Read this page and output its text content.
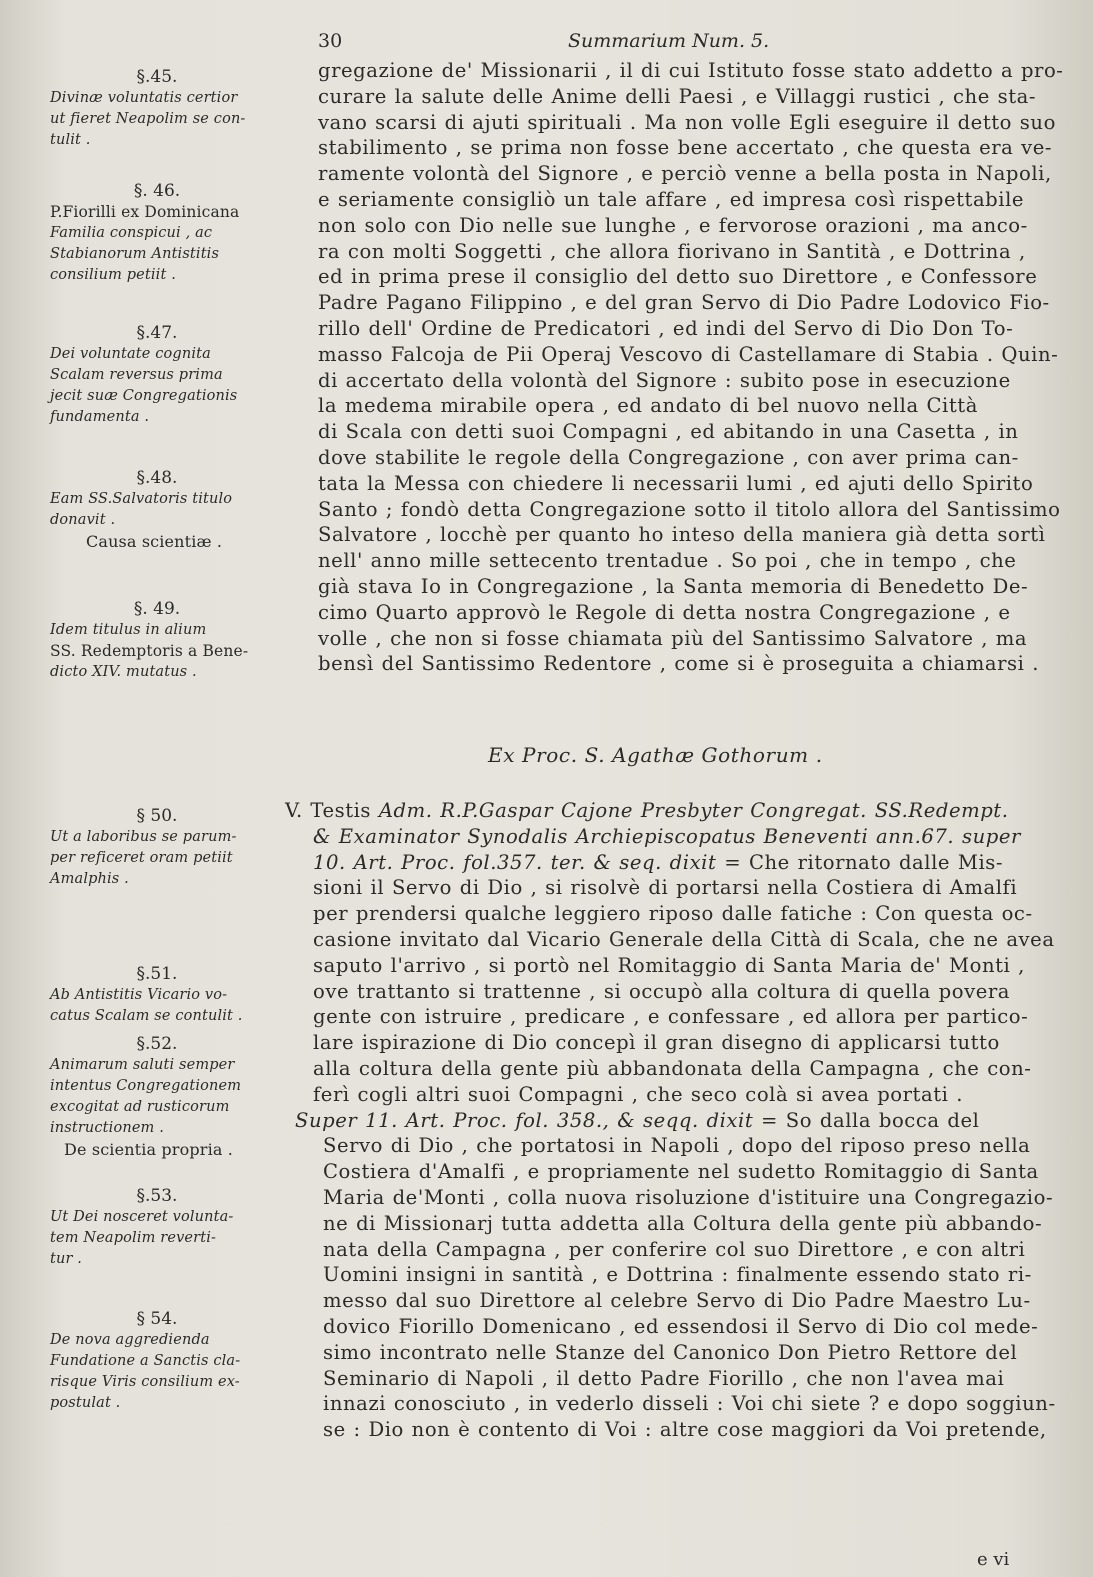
30	Summarium Num. 5.
§.45.
Divinæ voluntatis certior
ut fieret Neapolim se con-
tulit .
§. 46.
P.Fiorilli ex Dominicana
Familia conspicui , ac
Stabianorum Antistitis
consilium petiit .
§.47.
Dei voluntate cognita
Scalam reversus prima
jecit suæ Congregationis
fundamenta .
§.48.
Eam SS.Salvatoris titulo
donavit .
Causa scientiæ .
§. 49.
Idem titulus in alium
SS. Redemptoris a Bene-
dicto XIV. mutatus .
§ 50.
Ut a laboribus se parum-
per reficeret oram petiit
Amalphis .
§.51.
Ab Antistitis Vicario vo-
catus Scalam se contulit .
§.52.
Animarum saluti semper
intentus Congregationem
excogitat ad rusticorum
instructionem .
De scientia propria .
§.53.
Ut Dei nosceret volunta-
tem Neapolim reverti-
tur .
§ 54.
De nova aggredienda
Fundatione a Sanctis cla-
risque Viris consilium ex-
postulat .
gregazione de' Missionarii , il di cui Istituto fosse stato addetto a pro-
curare la salute delle Anime delli Paesi , e Villaggi rustici , che sta-
vano scarsi di ajuti spirituali . Ma non volle Egli eseguire il detto suo
stabilimento , se prima non fosse bene accertato , che questa era ve-
ramente volontà del Signore , e perciò venne a bella posta in Napoli,
e seriamente consigliò un tale affare , ed impresa così rispettabile
non solo con Dio nelle sue lunghe , e fervorose orazioni , ma anco-
ra con molti Soggetti , che allora fiorivano in Santità , e Dottrina ,
ed in prima prese il consiglio del detto suo Direttore , e Confessore
Padre Pagano Filippino , e del gran Servo di Dio Padre Lodovico Fio-
rillo dell' Ordine de Predicatori , ed indi del Servo di Dio Don To-
masso Falcoja de Pii Operaj Vescovo di Castellamare di Stabia . Quin-
di accertato della volontà del Signore : subito pose in esecuzione
la medema mirabile opera , ed andato di bel nuovo nella Città
di Scala con detti suoi Compagni , ed abitando in una Casetta , in
dove stabilite le regole della Congregazione , con aver prima can-
tata la Messa con chiedere li necessarii lumi , ed ajuti dello Spirito
Santo ; fondò detta Congregazione sotto il titolo allora del Santissimo
Salvatore , locchè per quanto ho inteso della maniera già detta sortì
nell' anno mille settecento trentadue . So poi , che in tempo , che
già stava Io in Congregazione , la Santa memoria di Benedetto De-
cimo Quarto approvò le Regole di detta nostra Congregazione , e
volle , che non si fosse chiamata più del Santissimo Salvatore , ma
bensì del Santissimo Redentore , come si è proseguita a chiamarsi .
Ex Proc. S. Agathæ Gothorum .
V. Testis Adm. R.P.Gaspar Cajone Presbyter Congregat. SS.Redempt.
& Examinator Synodalis Archiepiscopatus Beneventi ann.67. super
10. Art. Proc. fol.357. ter. & seq. dixit = Che ritornato dalle Mis-
sioni il Servo di Dio , si risolvè di portarsi nella Costiera di Amalfi
per prendersi qualche leggiero riposo dalle fatiche : Con questa oc-
casione invitato dal Vicario Generale della Città di Scala, che ne avea
saputo l'arrivo , si portò nel Romitaggio di Santa Maria de' Monti ,
ove trattanto si trattenne , si occupò alla coltura di quella povera
gente con istruire , predicare , e confessare , ed allora per partico-
lare ispirazione di Dio concepì il gran disegno di applicarsi tutto
alla coltura della gente più abbandonata della Campagna , che con-
ferì cogli altri suoi Compagni , che seco colà si avea portati .
Super 11. Art. Proc. fol. 358., & seqq. dixit = So dalla bocca del
Servo di Dio , che portatosi in Napoli , dopo del riposo preso nella
Costiera d'Amalfi , e propriamente nel sudetto Romitaggio di Santa
Maria de'Monti , colla nuova risoluzione d'istituire una Congregazio-
ne di Missionarj tutta addetta alla Coltura della gente più abbando-
nata della Campagna , per conferire col suo Direttore , e con altri
Uomini insigni in santità , e Dottrina : finalmente essendo stato ri-
messo dal suo Direttore al celebre Servo di Dio Padre Maestro Lu-
dovico Fiorillo Domenicano , ed essendosi il Servo di Dio col mede-
simo incontrato nelle Stanze del Canonico Don Pietro Rettore del
Seminario di Napoli , il detto Padre Fiorillo , che non l'avea mai
innazi conosciuto , in vederlo disseli : Voi chi siete ? e dopo soggiun-
se : Dio non è contento di Voi : altre cose maggiori da Voi pretende,
e vi
